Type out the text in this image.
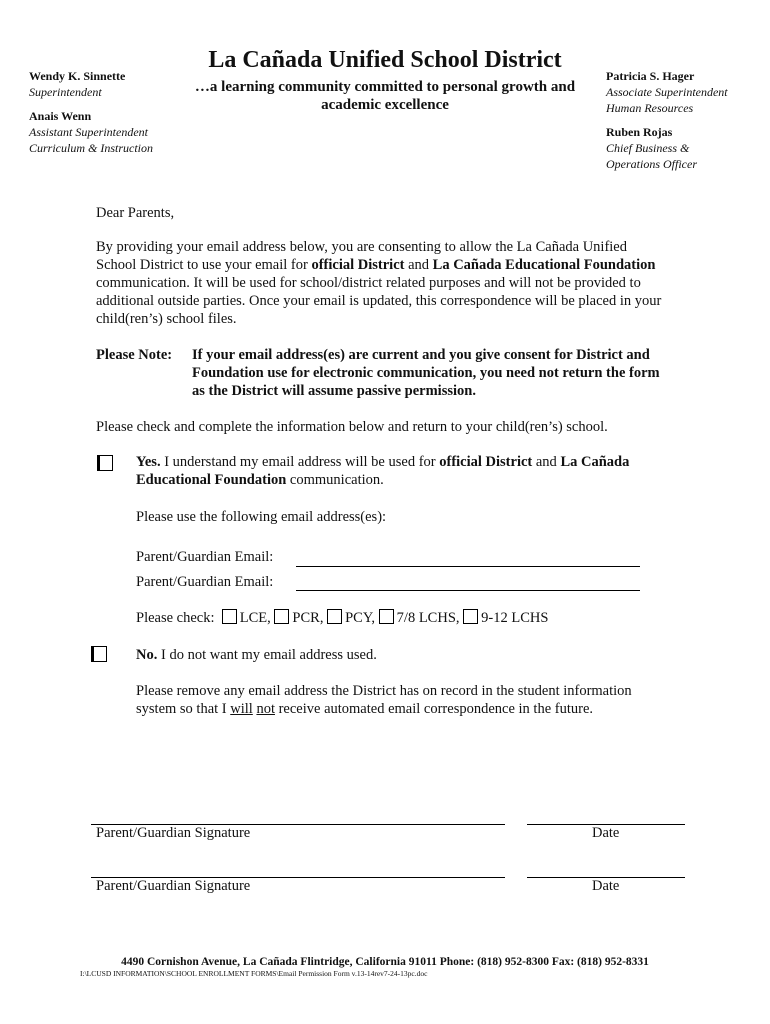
Wendy K. Sinnette
Superintendent
Anais Wenn
Assistant Superintendent
Curriculum & Instruction
La Cañada Unified School District
…a learning community committed to personal growth and academic excellence
Patricia S. Hager
Associate Superintendent
Human Resources
Ruben Rojas
Chief Business &
Operations Officer
Dear Parents,
By providing your email address below, you are consenting to allow the La Cañada Unified School District to use your email for official District and La Cañada Educational Foundation communication. It will be used for school/district related purposes and will not be provided to additional outside parties. Once your email is updated, this correspondence will be placed in your child(ren’s) school files.
Please Note: If your email address(es) are current and you give consent for District and Foundation use for electronic communication, you need not return the form as the District will assume passive permission.
Please check and complete the information below and return to your child(ren’s) school.
Yes. I understand my email address will be used for official District and La Cañada Educational Foundation communication.
Please use the following email address(es):
Parent/Guardian Email:
Parent/Guardian Email:
Please check: LCE, PCR, PCY, 7/8 LCHS, 9-12 LCHS
No. I do not want my email address used.
Please remove any email address the District has on record in the student information system so that I will not receive automated email correspondence in the future.
Parent/Guardian Signature	Date
Parent/Guardian Signature	Date
4490 Cornishon Avenue, La Cañada Flintridge, California 91011 Phone: (818) 952-8300 Fax: (818) 952-8331
I:\LCUSD INFORMATION\SCHOOL ENROLLMENT FORMS\Email Permission Form v.13-14rev7-24-13pc.doc
